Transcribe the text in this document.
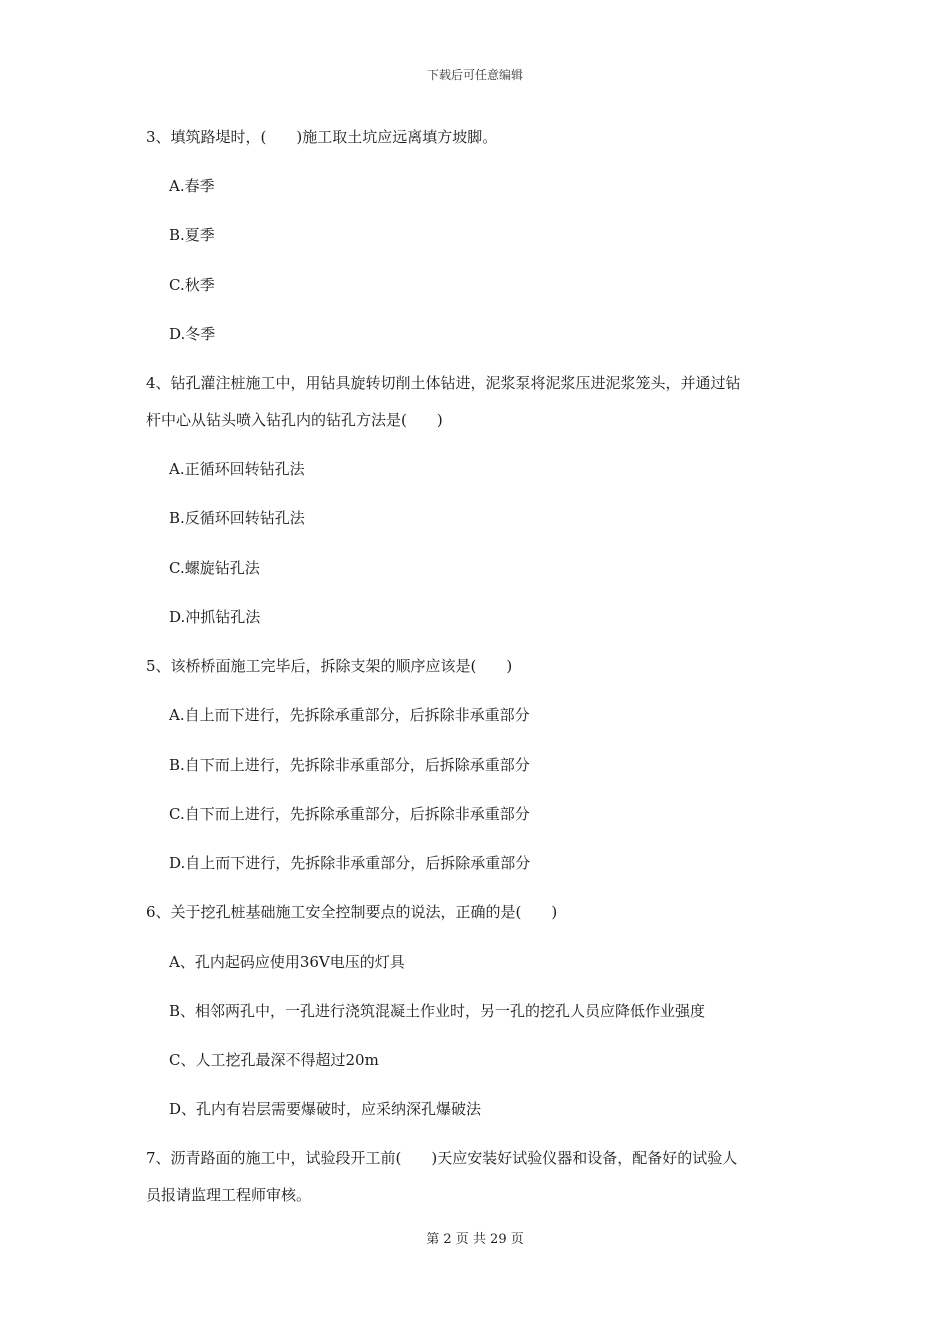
下载后可任意编辑
3、填筑路堤时，(　　)施工取土坑应远离填方坡脚。
A.春季
B.夏季
C.秋季
D.冬季
4、钻孔灌注桩施工中，用钻具旋转切削土体钻进，泥浆泵将泥浆压进泥浆笼头，并通过钻
杆中心从钻头喷入钻孔内的钻孔方法是(　　)
A.正循环回转钻孔法
B.反循环回转钻孔法
C.螺旋钻孔法
D.冲抓钻孔法
5、该桥桥面施工完毕后，拆除支架的顺序应该是(　　)
A.自上而下进行，先拆除承重部分，后拆除非承重部分
B.自下而上进行，先拆除非承重部分，后拆除承重部分
C.自下而上进行，先拆除承重部分，后拆除非承重部分
D.自上而下进行，先拆除非承重部分，后拆除承重部分
6、关于挖孔桩基础施工安全控制要点的说法，正确的是(　　)
A、孔内起码应使用36V电压的灯具
B、相邻两孔中，一孔进行浇筑混凝土作业时，另一孔的挖孔人员应降低作业强度
C、人工挖孔最深不得超过20m
D、孔内有岩层需要爆破时，应采纳深孔爆破法
7、沥青路面的施工中，试验段开工前(　　)天应安装好试验仪器和设备，配备好的试验人
员报请监理工程师审核。
第 2 页 共 29 页
